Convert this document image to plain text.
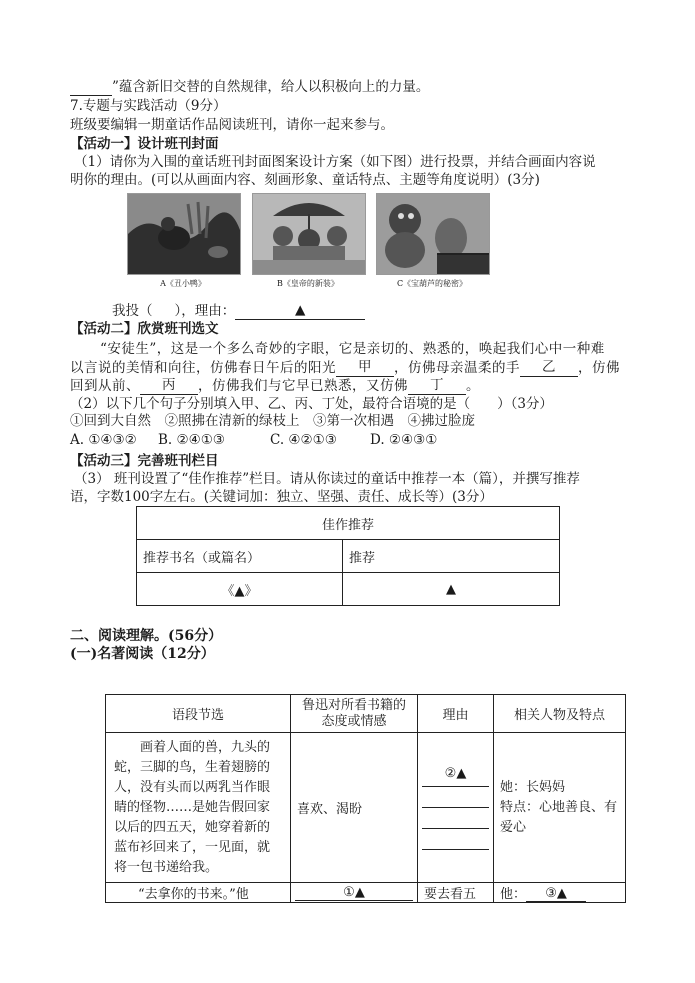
”蕴含新旧交替的自然规律，给人以积极向上的力量。
7.专题与实践活动（9分）
班级要编辑一期童话作品阅读班刊，请你一起来参与。
【活动一】设计班刊封面
（1）请你为入围的童话班刊封面图案设计方案（如下图）进行投票，并结合画面内容说
明你的理由。(可以从画面内容、刻画形象、童话特点、主题等角度说明）(3分)
A《丑小鸭》	B《皇帝的新装》	C《宝葫芦的秘密》
我投（ ），理由：	▲
【活动二】欣赏班刊选文
“安徒生”，这是一个多么奇妙的字眼，它是亲切的、熟悉的，唤起我们心中一种难
以言说的美情和向往，仿佛春日午后的阳光 甲 ，仿佛母亲温柔的手 乙 ，仿佛
回到从前、 丙 ，仿佛我们与它早已熟悉，又仿佛 丁 。
（2）以下几个句子分别填入甲、乙、丙、丁处，最符合语境的是（　　）（3分）
①回到大自然　②照拂在清新的绿枝上　③第一次相遇　④拂过脸庞
A. ①④③② B. ②④①③	C. ④②①③ D. ②④③①
【活动三】完善班刊栏目
（3） 班刊设置了“佳作推荐”栏目。请从你读过的童话中推荐一本（篇），并撰写推荐
语，字数100字左右。(关键词加：独立、坚强、责任、成长等）(3分）
佳作推荐	
推荐书名（或篇名）	推荐
《▲》	▲
二、阅读理解。(56分）
(一)名著阅读（12分）
语段节选	鲁迅对所看书籍的态度或情感	理由	相关人物及特点
画着人面的兽，九头的蛇，三脚的鸟，生着翅膀的人，没有头而以两乳当作眼睛的怪物……是她告假回家以后的四五天，她穿着新的蓝布衫回来了，一见面，就将一包书递给我。	喜欢、渴盼	②▲	她：长妈妈
特点：心地善良、有爱心

“去拿你的书来。”他	①▲	要去看五	他： ③▲
